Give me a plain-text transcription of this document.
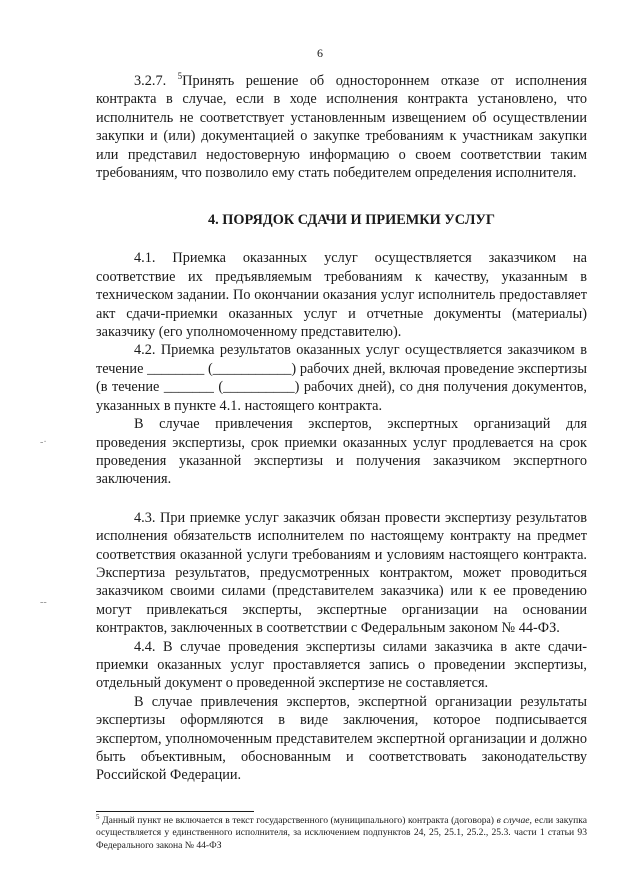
6
-·
--

3.2.7. $^5$Принять решение об одностороннем отказе от исполнения контракта в случае, если в ходе исполнения контракта установлено, что исполнитель не соответствует установленным извещением об осуществлении закупки и (или) документацией о закупке требованиям к участникам закупки или представил недостоверную информацию о своем соответствии таким требованиям, что позволило ему стать победителем определения исполнителя.

4. ПОРЯДОК СДАЧИ И ПРИЕМКИ УСЛУГ

4.1. Приемка оказанных услуг осуществляется заказчиком на соответствие их предъявляемым требованиям к качеству, указанным в техническом задании. По окончании оказания услуг исполнитель предоставляет акт сдачи-приемки оказанных услуг и отчетные документы (материалы) заказчику (его уполномоченному представителю).

4.2. Приемка результатов оказанных услуг осуществляется заказчиком в течение ________ (___________) рабочих дней, включая проведение экспертизы (в течение _______ (__________) рабочих дней), со дня получения документов, указанных в пункте 4.1. настоящего контракта.

В случае привлечения экспертов, экспертных организаций для проведения экспертизы, срок приемки оказанных услуг продлевается на срок проведения указанной экспертизы и получения заказчиком экспертного заключения.

4.3. При приемке услуг заказчик обязан провести экспертизу результатов исполнения обязательств исполнителем по настоящему контракту на предмет соответствия оказанной услуги требованиям и условиям настоящего контракта. Экспертиза результатов, предусмотренных контрактом, может проводиться заказчиком своими силами (представителем заказчика) или к ее проведению могут привлекаться эксперты, экспертные организации на основании контрактов, заключенных в соответствии с Федеральным законом № 44-ФЗ.

4.4. В случае проведения экспертизы силами заказчика в акте сдачи-приемки оказанных услуг проставляется запись о проведении экспертизы, отдельный документ о проведенной экспертизе не составляется.

В случае привлечения экспертов, экспертной организации результаты экспертизы оформляются в виде заключения, которое подписывается экспертом, уполномоченным представителем экспертной организации и должно быть объективным, обоснованным и соответствовать законодательству Российской Федерации.

$^5$ Данный пункт не включается в текст государственного (муниципального) контракта (договора) в случае, если закупка осуществляется у единственного исполнителя, за исключением подпунктов 24, 25, 25.1, 25.2., 25.3. части 1 статьи 93 Федерального закона № 44-ФЗ
